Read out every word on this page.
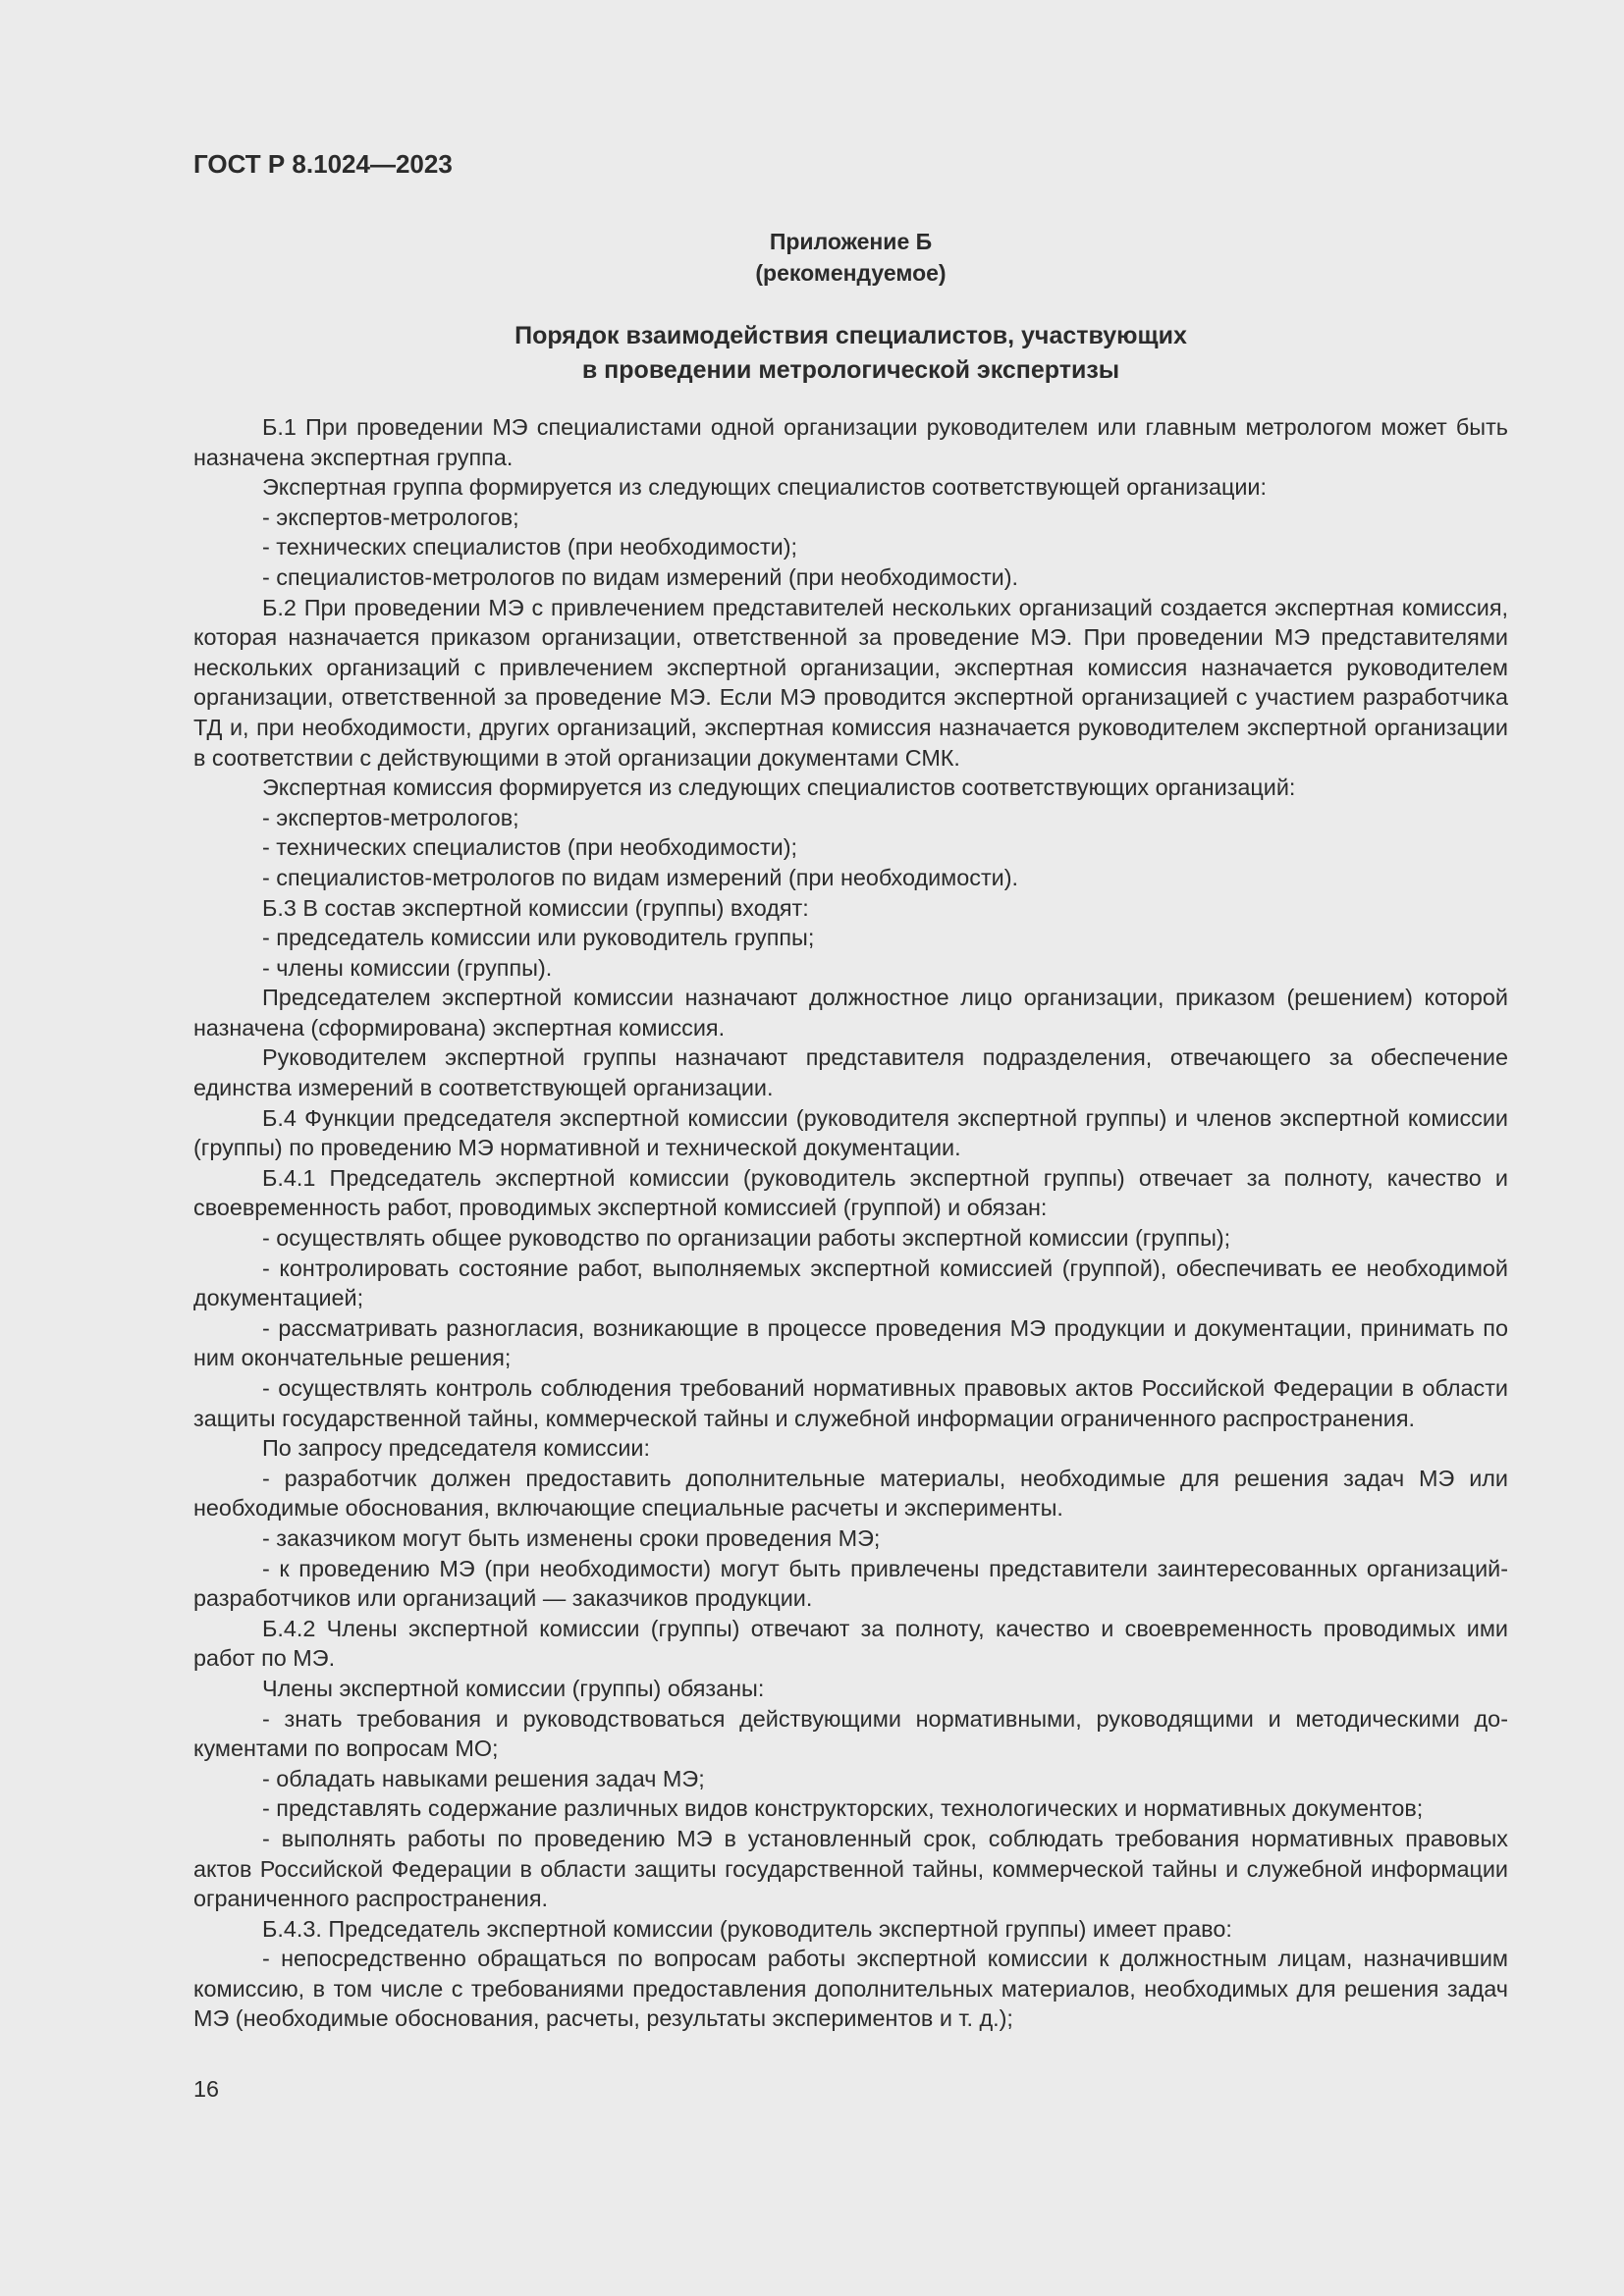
ГОСТ Р 8.1024—2023
Приложение Б
(рекомендуемое)
Порядок взаимодействия специалистов, участвующих
в проведении метрологической экспертизы

Б.1 При проведении МЭ специалистами одной организации руководителем или главным метрологом может быть назначена экспертная группа.

Экспертная группа формируется из следующих специалистов соответствующей организации:

- экспертов-метрологов;

- технических специалистов (при необходимости);

- специалистов-метрологов по видам измерений (при необходимости).

Б.2 При проведении МЭ с привлечением представителей нескольких организаций создается экспертная комиссия, которая назначается приказом организации, ответственной за проведение МЭ. При проведении МЭ представителями нескольких организаций с привлечением экспертной организации, экспертная комиссия назначается руководителем организации, ответственной за проведение МЭ. Если МЭ проводится экспертной организацией с участием разработчика ТД и, при необходимости, других организаций, экспертная комиссия назначается руководителем экспертной организации в соответствии с действующими в этой организации документами СМК.

Экспертная комиссия формируется из следующих специалистов соответствующих организаций:

- экспертов-метрологов;

- технических специалистов (при необходимости);

- специалистов-метрологов по видам измерений (при необходимости).

Б.3 В состав экспертной комиссии (группы) входят:

- председатель комиссии или руководитель группы;

- члены комиссии (группы).

Председателем экспертной комиссии назначают должностное лицо организации, приказом (решением) которой назначена (сформирована) экспертная комиссия.

Руководителем экспертной группы назначают представителя подразделения, отвечающего за обеспечение единства измерений в соответствующей организации.

Б.4 Функции председателя экспертной комиссии (руководителя экспертной группы) и членов экспертной комиссии (группы) по проведению МЭ нормативной и технической документации.

Б.4.1 Председатель экспертной комиссии (руководитель экспертной группы) отвечает за полноту, качество и своевременность работ, проводимых экспертной комиссией (группой) и обязан:

- осуществлять общее руководство по организации работы экспертной комиссии (группы);

- контролировать состояние работ, выполняемых экспертной комиссией (группой), обеспечивать ее необходимой документацией;

- рассматривать разногласия, возникающие в процессе проведения МЭ продукции и документации, принимать по ним окончательные решения;

- осуществлять контроль соблюдения требований нормативных правовых актов Российской Федерации в области защиты государственной тайны, коммерческой тайны и служебной информации ограниченного распространения.

По запросу председателя комиссии:

- разработчик должен предоставить дополнительные материалы, необходимые для решения задач МЭ или необходимые обоснования, включающие специальные расчеты и эксперименты.

- заказчиком могут быть изменены сроки проведения МЭ;

- к проведению МЭ (при необходимости) могут быть привлечены представители заинтересованных организаций-разработчиков или организаций — заказчиков продукции.

Б.4.2 Члены экспертной комиссии (группы) отвечают за полноту, качество и своевременность проводимых ими работ по МЭ.

Члены экспертной комиссии (группы) обязаны:

- знать требования и руководствоваться действующими нормативными, руководящими и методическими документами по вопросам МО;

- обладать навыками решения задач МЭ;

- представлять содержание различных видов конструкторских, технологических и нормативных документов;

- выполнять работы по проведению МЭ в установленный срок, соблюдать требования нормативных правовых актов Российской Федерации в области защиты государственной тайны, коммерческой тайны и служебной информации ограниченного распространения.

Б.4.3. Председатель экспертной комиссии (руководитель экспертной группы) имеет право:

- непосредственно обращаться по вопросам работы экспертной комиссии к должностным лицам, назначившим комиссию, в том числе с требованиями предоставления дополнительных материалов, необходимых для решения задач МЭ (необходимые обоснования, расчеты, результаты экспериментов и т. д.);

16
